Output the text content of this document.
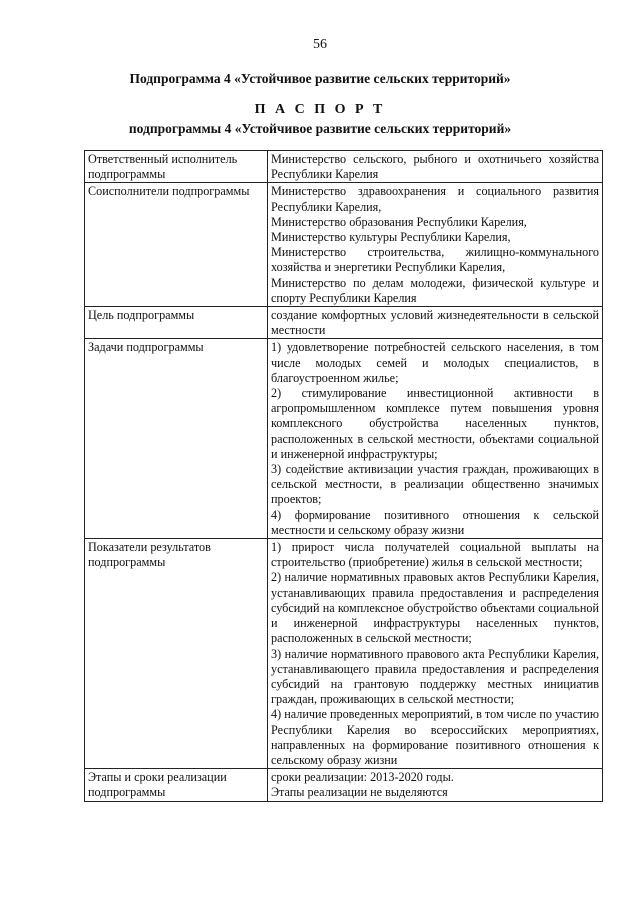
56
Подпрограмма 4 «Устойчивое развитие сельских территорий»
П А С П О Р Т
подпрограммы 4 «Устойчивое развитие сельских территорий»
Ответственный исполнитель подпрограммы	Министерство сельского, рыбного и охотничьего хозяйства Республики Карелия

Соисполнители подпрограммы	Министерство здравоохранения и социального развития Республики Карелия,
Министерство образования Республики Карелия,
Министерство культуры Республики Карелия,
Министерство строительства, жилищно-коммунального хозяйства и энергетики Республики Карелия,
Министерство по делам молодежи, физической культуре и спорту Республики Карелия

Цель подпрограммы	создание комфортных условий жизнедеятельности в сельской местности

Задачи подпрограммы	1) удовлетворение потребностей сельского населения, в том числе молодых семей и молодых специалистов, в благоустроенном жилье;
2) стимулирование инвестиционной активности в агропромышленном комплексе путем повышения уровня комплексного обустройства населенных пунктов, расположенных в сельской местности, объектами социальной и инженерной инфраструктуры;
3) содействие активизации участия граждан, проживающих в сельской местности, в реализации общественно значимых проектов;
4) формирование позитивного отношения к сельской местности и сельскому образу жизни

Показатели результатов подпрограммы	1) прирост числа получателей социальной выплаты на строительство (приобретение) жилья в сельской местности;
2) наличие нормативных правовых актов Республики Карелия, устанавливающих правила предоставления и распределения субсидий на комплексное обустройство объектами социальной и инженерной инфраструктуры населенных пунктов, расположенных в сельской местности;
3) наличие нормативного правового акта Республики Карелия, устанавливающего правила предоставления и распределения субсидий на грантовую поддержку местных инициатив граждан, проживающих в сельской местности;
4) наличие проведенных мероприятий, в том числе по участию Республики Карелия во всероссийских мероприятиях, направленных на формирование позитивного отношения к сельскому образу жизни

Этапы и сроки реализации подпрограммы	сроки реализации: 2013-2020 годы.
Этапы реализации не выделяются
